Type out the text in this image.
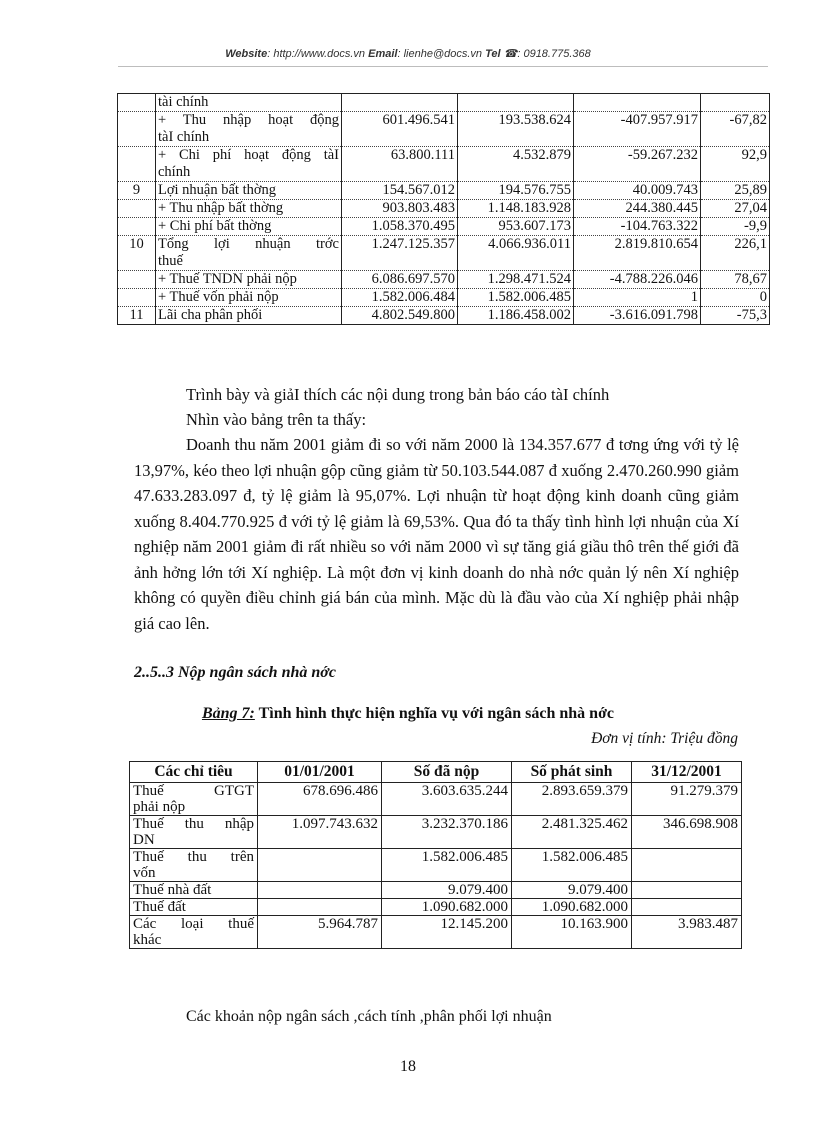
Website: http://www.docs.vn Email: lienhe@docs.vn Tel ☎: 0918.775.368
	tài chính				

	+ Thu nhập hoạt động
tàI chính	601.496.541	193.538.624	-407.957.917	-67,82

	+ Chi phí hoạt động tàI
chính	63.800.111	4.532.879	-59.267.232	92,9
9	Lợi nhuận bất thờng	154.567.012	194.576.755	40.009.743	25,89
	+ Thu nhập bất thờng	903.803.483	1.148.183.928	244.380.445	27,04
	+ Chi phí bất thờng	1.058.370.495	953.607.173	-104.763.322	-9,9
10	Tổng lợi nhuận trớc
thuế	1.247.125.357	4.066.936.011	2.819.810.654	226,1
	+ Thuế TNDN phải nộp	6.086.697.570	1.298.471.524	-4.788.226.046	78,67
	+ Thuế vốn phải nộp	1.582.006.484	1.582.006.485	1	0
11	Lãi cha phân phối	4.802.549.800	1.186.458.002	-3.616.091.798	-75,3
Trình bày và giảI thích các nội dung trong bản báo cáo tàI chính
Nhìn vào bảng trên ta thấy:
Doanh thu năm 2001 giảm đi so với năm 2000 là 134.357.677 đ tơng ứng với tỷ lệ 13,97%, kéo theo lợi nhuận gộp cũng giảm từ 50.103.544.087 đ xuống 2.470.260.990 giảm 47.633.283.097 đ, tỷ lệ giảm là 95,07%. Lợi nhuận từ hoạt động kinh doanh cũng giảm xuống 8.404.770.925 đ với tỷ lệ giảm là 69,53%. Qua đó ta thấy tình hình lợi nhuận của Xí nghiệp năm 2001 giảm đi rất nhiều so với năm 2000 vì sự tăng giá giầu thô trên thế giới đã ảnh hởng lớn tới Xí nghiệp. Là một đơn vị kinh doanh do nhà nớc quản lý nên Xí nghiệp không có quyền điều chỉnh giá bán của mình. Mặc dù là đầu vào của Xí nghiệp phải nhập giá cao lên.
2..5..3 Nộp ngân sách nhà nớc
Bảng 7: Tình hình thực hiện nghĩa vụ với ngân sách nhà nớc
Đơn vị tính: Triệu đồng
Các chỉ tiêu	01/01/2001	Số đã nộp	Số phát sinh	31/12/2001

Thuế GTGT
phải nộp	678.696.486	3.603.635.244	2.893.659.379	91.279.379

Thuế thu nhập
DN	1.097.743.632	3.232.370.186	2.481.325.462	346.698.908

Thuế thu trên
vốn		1.582.006.485	1.582.006.485	
Thuế nhà đất		9.079.400	9.079.400	
Thuế đất		1.090.682.000	1.090.682.000	

Các loại thuế
khác	5.964.787	12.145.200	10.163.900	3.983.487
Các khoản nộp ngân sách ,cách tính ,phân phối lợi nhuận
18
